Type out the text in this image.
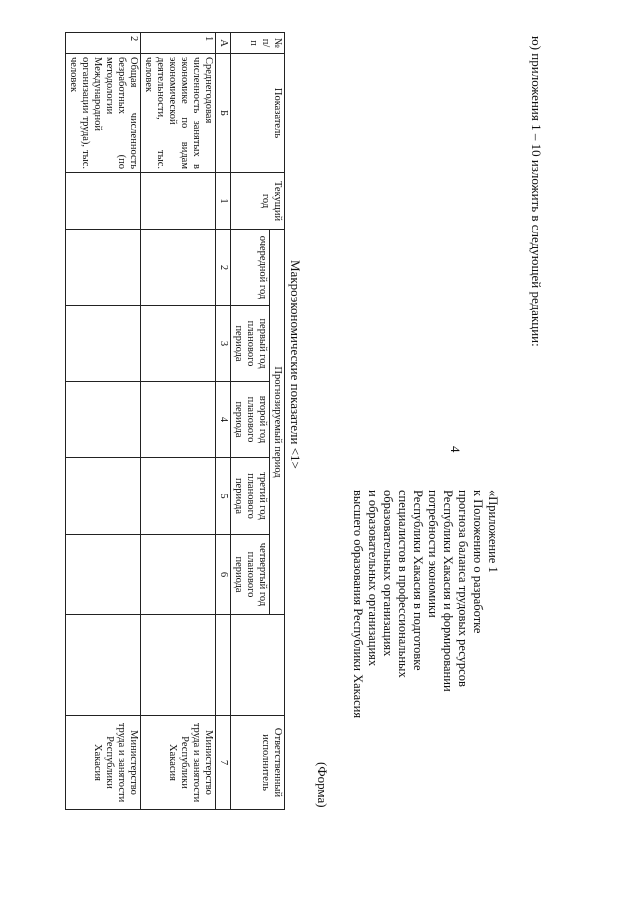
4
ю) приложения 1 – 10 изложить в следующей редакции:
«Приложение 1
к Положению о разработке
прогноза баланса трудовых ресурсов
Республики Хакасия и формировании
потребности экономики
Республики Хакасия в подготовке
специалистов в профессиональных
образовательных организациях
и образовательных организациях
высшего образования Республики Хакасия
(Форма)
Макроэкономические показатели <1>
№ п/п	Показатель	Текущий год	Прогнозируемый период						Ответственный исполнитель
			очередной год	первый год планового периода	второй год планового периода	третий год планового периода	четвертый год планового периода		
А	Б	1	2	3	4	5	6		7
1	Среднегодовая численность занятых в экономике по видам экономической деятельности, тыс. человек								Министерство труда и занятости Республики Хакасия
2	Общая численность безработных (по методологии Международной организации труда), тыс. человек								Министерство труда и занятости Республики Хакасия
